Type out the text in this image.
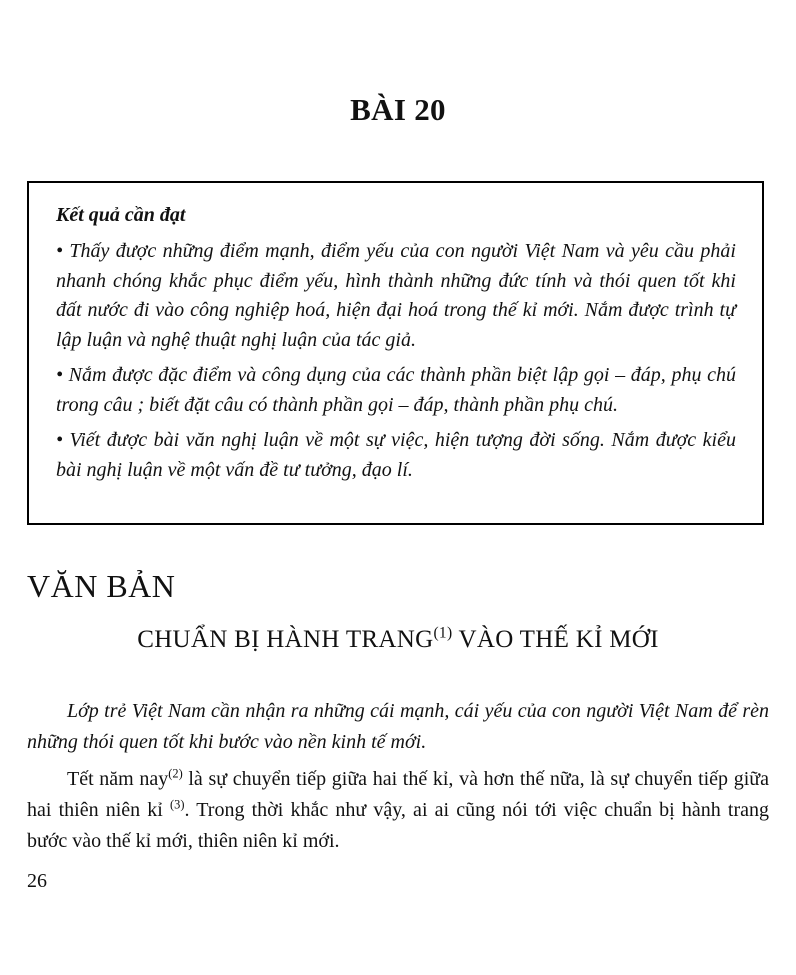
BÀI 20

Kết quả cần đạt

• Thấy được những điểm mạnh, điểm yếu của con người Việt Nam và yêu cầu phải nhanh chóng khắc phục điểm yếu, hình thành những đức tính và thói quen tốt khi đất nước đi vào công nghiệp hoá, hiện đại hoá trong thế kỉ mới. Nắm được trình tự lập luận và nghệ thuật nghị luận của tác giả.

• Nắm được đặc điểm và công dụng của các thành phần biệt lập gọi – đáp, phụ chú trong câu ; biết đặt câu có thành phần gọi – đáp, thành phần phụ chú.

• Viết được bài văn nghị luận về một sự việc, hiện tượng đời sống. Nắm được kiểu bài nghị luận về một vấn đề tư tưởng, đạo lí.

VĂN BẢN
CHUẨN BỊ HÀNH TRANG$^{(1)}$ VÀO THẾ KỈ MỚI

Lớp trẻ Việt Nam cần nhận ra những cái mạnh, cái yếu của con người Việt Nam để rèn những thói quen tốt khi bước vào nền kinh tế mới.

Tết năm nay$^{(2)}$ là sự chuyển tiếp giữa hai thế kỉ, và hơn thế nữa, là sự chuyển tiếp giữa hai thiên niên kỉ $^{(3)}$. Trong thời khắc như vậy, ai ai cũng nói tới việc chuẩn bị hành trang bước vào thế kỉ mới, thiên niên kỉ mới.

26
